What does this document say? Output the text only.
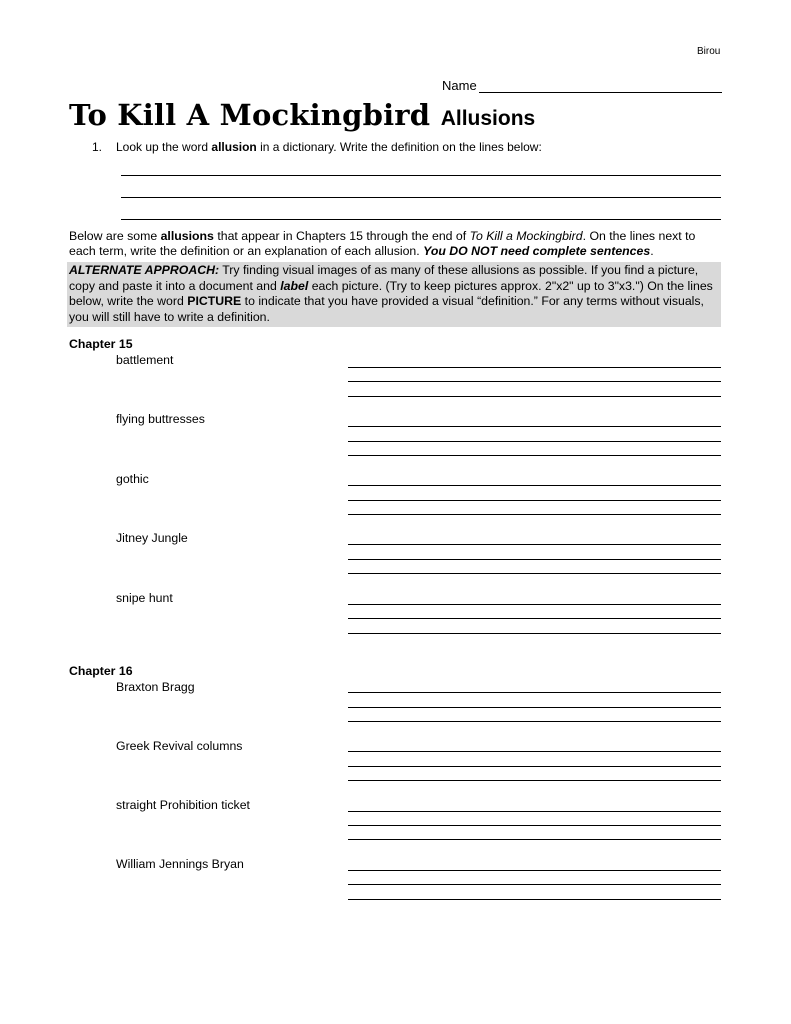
Birou
Name
To Kill A Mockingbird Allusions
1. Look up the word allusion in a dictionary. Write the definition on the lines below:
Below are some allusions that appear in Chapters 15 through the end of To Kill a Mockingbird. On the lines next to each term, write the definition or an explanation of each allusion. You DO NOT need complete sentences.
ALTERNATE APPROACH: Try finding visual images of as many of these allusions as possible. If you find a picture, copy and paste it into a document and label each picture. (Try to keep pictures approx. 2"x2" up to 3"x3.") On the lines below, write the word PICTURE to indicate that you have provided a visual “definition.” For any terms without visuals, you will still have to write a definition.
Chapter 15
battlement
flying buttresses
gothic
Jitney Jungle
snipe hunt
Chapter 16
Braxton Bragg
Greek Revival columns
straight Prohibition ticket
William Jennings Bryan
